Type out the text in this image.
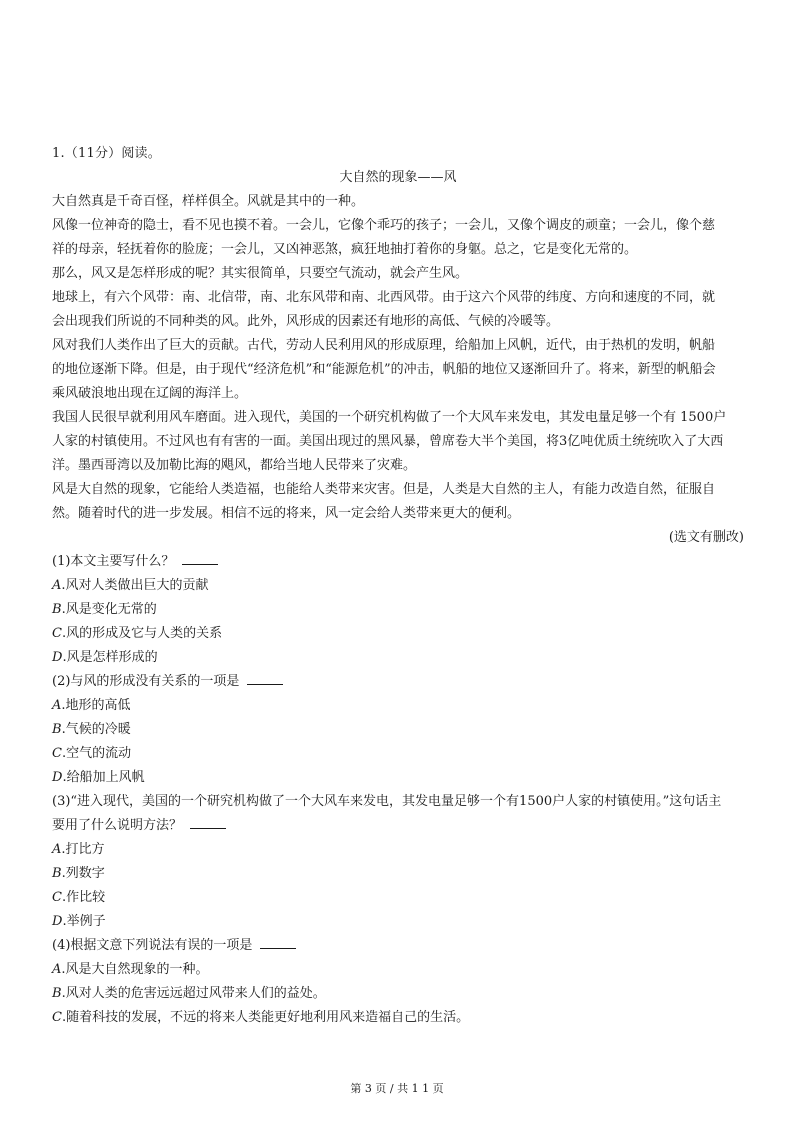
1.（11分）阅读。
大自然的现象——风
大自然真是千奇百怪，样样俱全。风就是其中的一种。
风像一位神奇的隐士，看不见也摸不着。一会儿，它像个乖巧的孩子；一会儿，又像个调皮的顽童；一会儿，像个慈
祥的母亲，轻抚着你的脸庞；一会儿，又凶神恶煞，疯狂地抽打着你的身躯。总之，它是变化无常的。
那么，风又是怎样形成的呢？其实很简单，只要空气流动，就会产生风。
地球上，有六个风带：南、北信带，南、北东风带和南、北西风带。由于这六个风带的纬度、方向和速度的不同，就
会出现我们所说的不同种类的风。此外，风形成的因素还有地形的高低、气候的冷暖等。
风对我们人类作出了巨大的贡献。古代，劳动人民利用风的形成原理，给船加上风帆，近代，由于热机的发明，帆船
的地位逐渐下降。但是，由于现代“经济危机”和“能源危机”的冲击，帆船的地位又逐渐回升了。将来，新型的帆船会
乘风破浪地出现在辽阔的海洋上。
我国人民很早就利用风车磨面。进入现代，美国的一个研究机构做了一个大风车来发电，其发电量足够一个有 1500户
人家的村镇使用。不过风也有有害的一面。美国出现过的黑风暴，曾席卷大半个美国，将3亿吨优质土统统吹入了大西
洋。墨西哥湾以及加勒比海的飓风，都给当地人民带来了灾难。
风是大自然的现象，它能给人类造福，也能给人类带来灾害。但是，人类是大自然的主人，有能力改造自然，征服自
然。随着时代的进一步发展。相信不远的将来，风一定会给人类带来更大的便利。
(选文有删改)
(1)本文主要写什么？
A.风对人类做出巨大的贡献
B.风是变化无常的
C.风的形成及它与人类的关系
D.风是怎样形成的
(2)与风的形成没有关系的一项是
A.地形的高低
B.气候的冷暖
C.空气的流动
D.给船加上风帆
(3)“进入现代，美国的一个研究机构做了一个大风车来发电，其发电量足够一个有1500户人家的村镇使用。”这句话主
要用了什么说明方法？
A.打比方
B.列数字
C.作比较
D.举例子
(4)根据文意下列说法有误的一项是
A.风是大自然现象的一种。
B.风对人类的危害远远超过风带来人们的益处。
C.随着科技的发展，不远的将来人类能更好地利用风来造福自己的生活。
第 3 页 / 共 1 1 页
